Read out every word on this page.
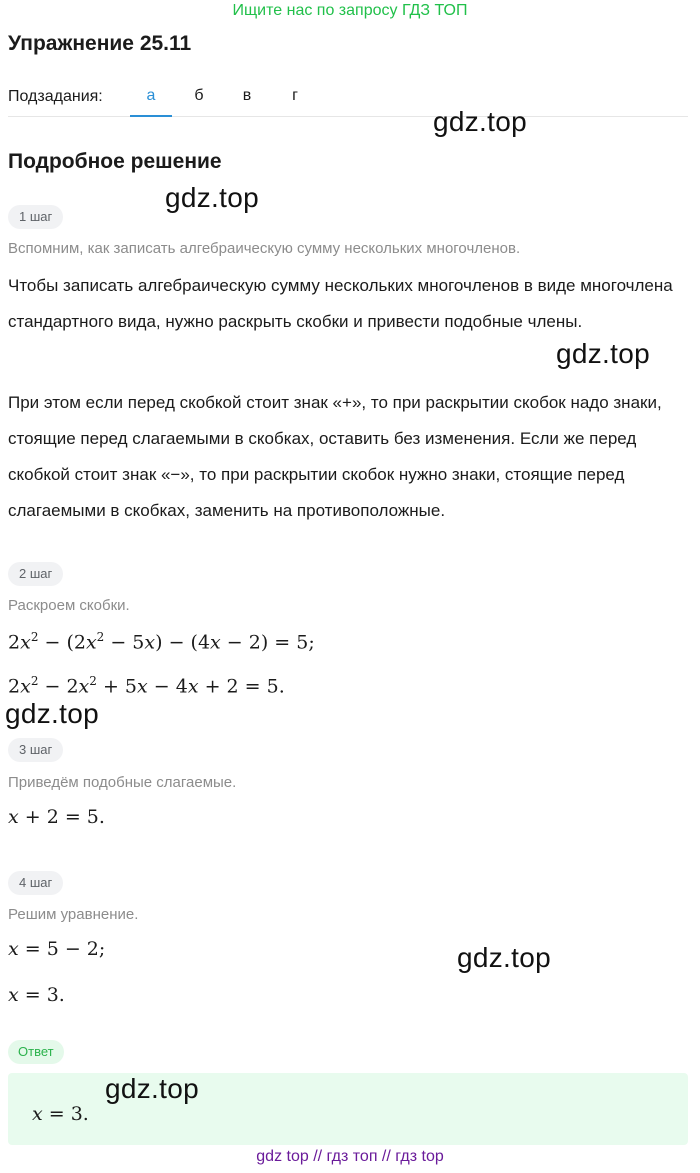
Ищите нас по запросу ГДЗ ТОП
Упражнение 25.11
Подзадания:	а	б	в	г
Подробное решение
1 шаг
Вспомним, как записать алгебраическую сумму нескольких многочленов.

Чтобы записать алгебраическую сумму нескольких многочленов в виде многочлена стандартного вида, нужно раскрыть скобки и привести подобные члены.

При этом если перед скобкой стоит знак «+», то при раскрытии скобок надо знаки, стоящие перед слагаемыми в скобках, оставить без изменения. Если же перед скобкой стоит знак «−», то при раскрытии скобок нужно знаки, стоящие перед слагаемыми в скобках, заменить на противоположные.

2 шаг
Раскроем скобки.
$2x^2 - (2x^2 - 5x) - (4x - 2) = 5$;
$2x^2 - 2x^2 + 5x - 4x + 2 = 5$.
3 шаг
Приведём подобные слагаемые.
x + 2 = 5.
4 шаг
Решим уравнение.
x = 5 − 2;
x = 3.
Ответ
x = 3.
gdz.top
gdz.top
gdz.top
gdz.top
gdz.top
gdz.top
gdz top // гдз топ // гдз top
